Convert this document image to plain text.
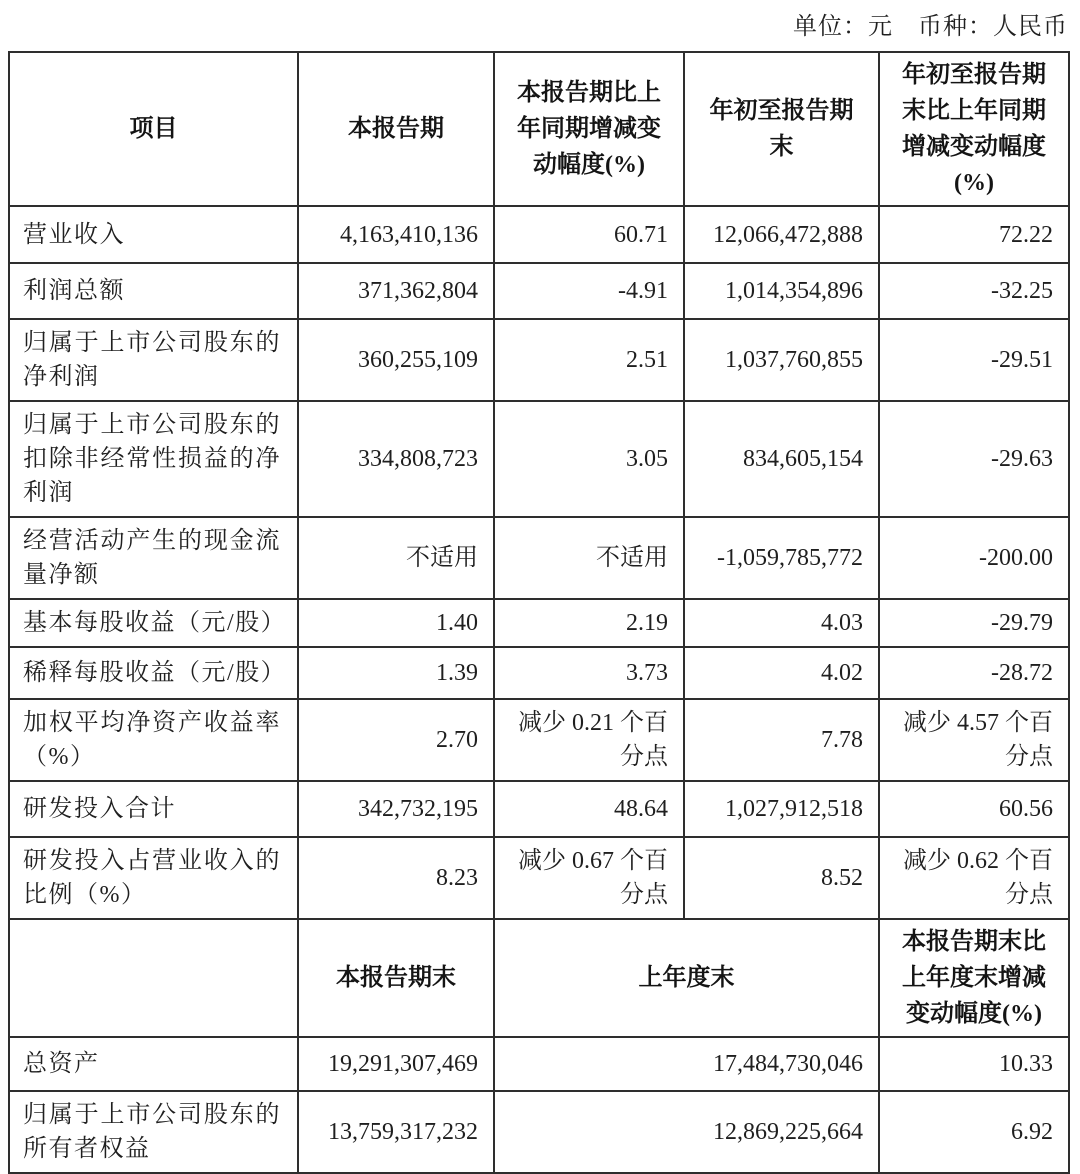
单位：元　币种：人民币
项目	本报告期	本报告期比上年同期增减变动幅度(%)	年初至报告期末	年初至报告期末比上年同期增减变动幅度(%)
营业收入	4,163,410,136	60.71	12,066,472,888	72.22
利润总额	371,362,804	-4.91	1,014,354,896	-32.25
归属于上市公司股东的净利润	360,255,109	2.51	1,037,760,855	-29.51
归属于上市公司股东的扣除非经常性损益的净利润	334,808,723	3.05	834,605,154	-29.63
经营活动产生的现金流量净额	不适用	不适用	-1,059,785,772	-200.00
基本每股收益（元/股）	1.40	2.19	4.03	-29.79
稀释每股收益（元/股）	1.39	3.73	4.02	-28.72
加权平均净资产收益率（%）	2.70	减少 0.21 个百分点	7.78	减少 4.57 个百分点
研发投入合计	342,732,195	48.64	1,027,912,518	60.56
研发投入占营业收入的比例（%）	8.23	减少 0.67 个百分点	8.52	减少 0.62 个百分点
	本报告期末	上年度末		本报告期末比上年度末增减变动幅度(%)
总资产	19,291,307,469	17,484,730,046		10.33
归属于上市公司股东的所有者权益	13,759,317,232	12,869,225,664		6.92
